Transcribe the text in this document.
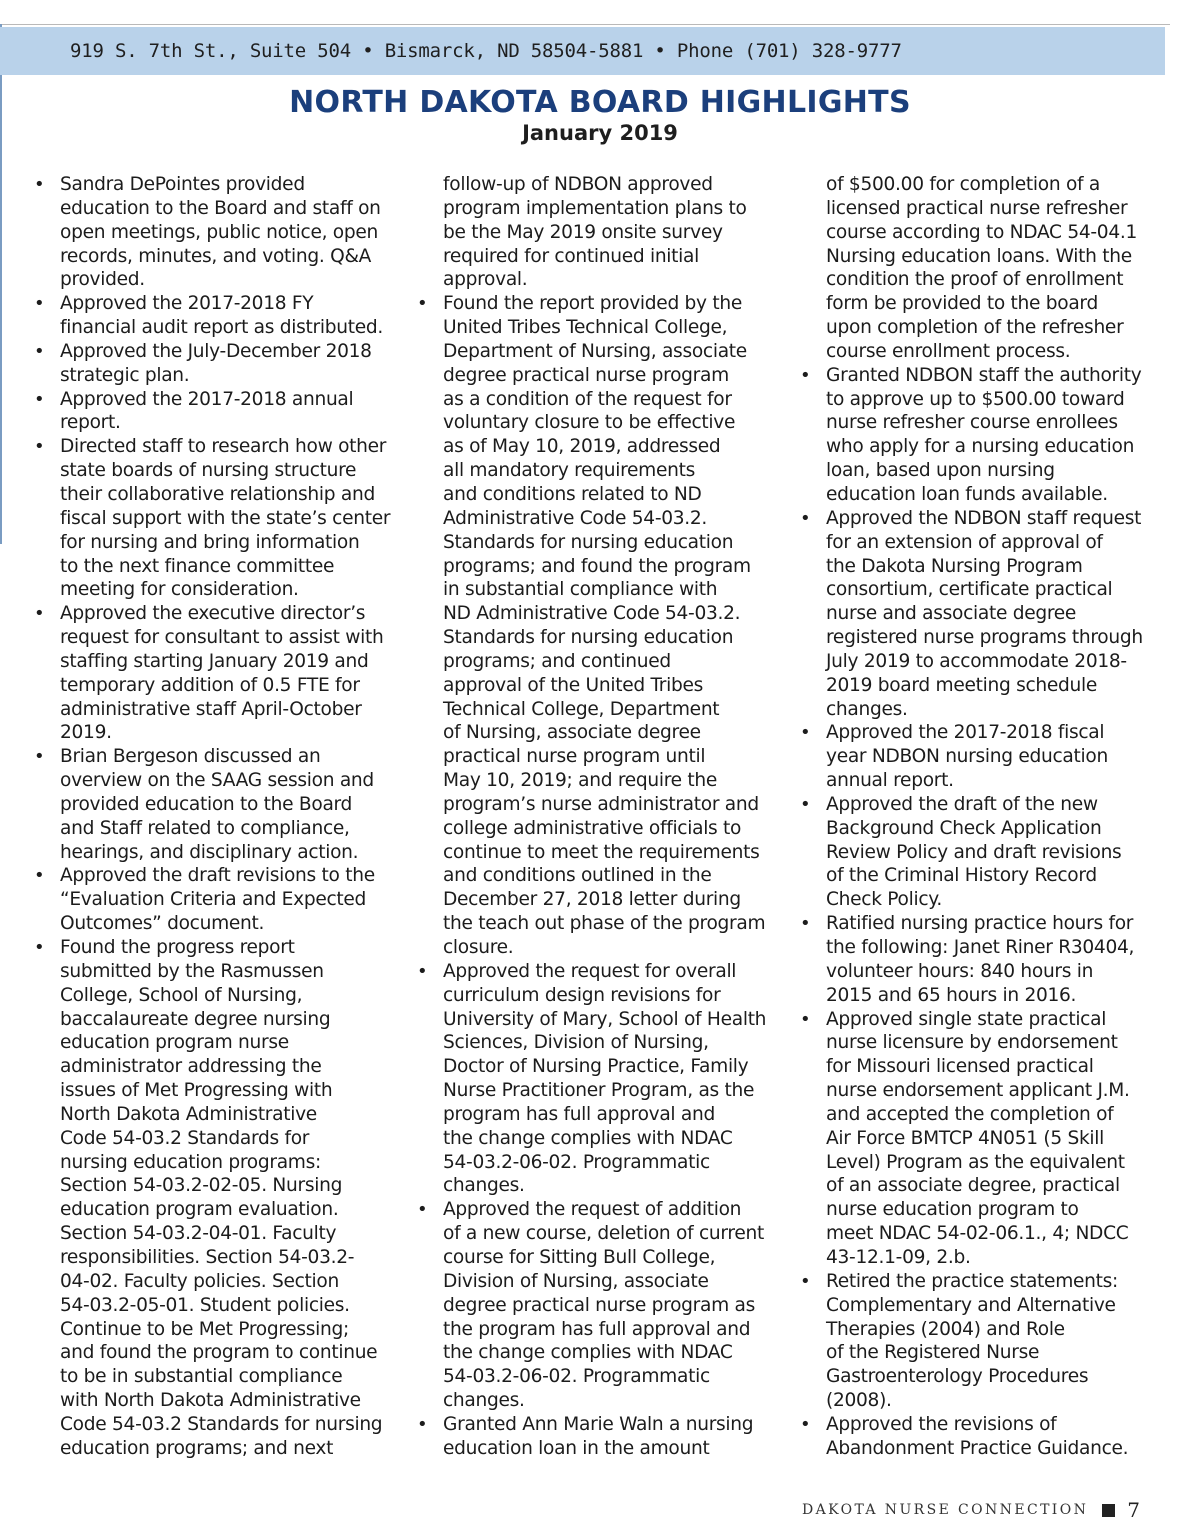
919 S. 7th St., Suite 504 • Bismarck, ND 58504-5881 • Phone (701) 328-9777
NORTH DAKOTA BOARD HIGHLIGHTS
January 2019
• Sandra DePointes provided
education to the Board and staff on
open meetings, public notice, open
records, minutes, and voting. Q&A
provided.
• Approved the 2017-2018 FY
financial audit report as distributed.
• Approved the July-December 2018
strategic plan.
• Approved the 2017-2018 annual
report.
• Directed staff to research how other
state boards of nursing structure
their collaborative relationship and
fiscal support with the state’s center
for nursing and bring information
to the next finance committee
meeting for consideration.
• Approved the executive director’s
request for consultant to assist with
staffing starting January 2019 and
temporary addition of 0.5 FTE for
administrative staff April-October
2019.
• Brian Bergeson discussed an
overview on the SAAG session and
provided education to the Board
and Staff related to compliance,
hearings, and disciplinary action.
• Approved the draft revisions to the
“Evaluation Criteria and Expected
Outcomes” document.
• Found the progress report
submitted by the Rasmussen
College, School of Nursing,
baccalaureate degree nursing
education program nurse
administrator addressing the
issues of Met Progressing with
North Dakota Administrative
Code 54-03.2 Standards for
nursing education programs:
Section 54-03.2-02-05. Nursing
education program evaluation.
Section 54-03.2-04-01. Faculty
responsibilities. Section 54-03.2-
04-02. Faculty policies. Section
54-03.2-05-01. Student policies.
Continue to be Met Progressing;
and found the program to continue
to be in substantial compliance
with North Dakota Administrative
Code 54-03.2 Standards for nursing
education programs; and next
follow-up of NDBON approved
program implementation plans to
be the May 2019 onsite survey
required for continued initial
approval.
• Found the report provided by the
United Tribes Technical College,
Department of Nursing, associate
degree practical nurse program
as a condition of the request for
voluntary closure to be effective
as of May 10, 2019, addressed
all mandatory requirements
and conditions related to ND
Administrative Code 54-03.2.
Standards for nursing education
programs; and found the program
in substantial compliance with
ND Administrative Code 54-03.2.
Standards for nursing education
programs; and continued
approval of the United Tribes
Technical College, Department
of Nursing, associate degree
practical nurse program until
May 10, 2019; and require the
program’s nurse administrator and
college administrative officials to
continue to meet the requirements
and conditions outlined in the
December 27, 2018 letter during
the teach out phase of the program
closure.
• Approved the request for overall
curriculum design revisions for
University of Mary, School of Health
Sciences, Division of Nursing,
Doctor of Nursing Practice, Family
Nurse Practitioner Program, as the
program has full approval and
the change complies with NDAC
54-03.2-06-02. Programmatic
changes.
• Approved the request of addition
of a new course, deletion of current
course for Sitting Bull College,
Division of Nursing, associate
degree practical nurse program as
the program has full approval and
the change complies with NDAC
54-03.2-06-02. Programmatic
changes.
• Granted Ann Marie Waln a nursing
education loan in the amount
of $500.00 for completion of a
licensed practical nurse refresher
course according to NDAC 54-04.1
Nursing education loans. With the
condition the proof of enrollment
form be provided to the board
upon completion of the refresher
course enrollment process.
• Granted NDBON staff the authority
to approve up to $500.00 toward
nurse refresher course enrollees
who apply for a nursing education
loan, based upon nursing
education loan funds available.
• Approved the NDBON staff request
for an extension of approval of
the Dakota Nursing Program
consortium, certificate practical
nurse and associate degree
registered nurse programs through
July 2019 to accommodate 2018-
2019 board meeting schedule
changes.
• Approved the 2017-2018 fiscal
year NDBON nursing education
annual report.
• Approved the draft of the new
Background Check Application
Review Policy and draft revisions
of the Criminal History Record
Check Policy.
• Ratified nursing practice hours for
the following: Janet Riner R30404,
volunteer hours: 840 hours in
2015 and 65 hours in 2016.
• Approved single state practical
nurse licensure by endorsement
for Missouri licensed practical
nurse endorsement applicant J.M.
and accepted the completion of
Air Force BMTCP 4N051 (5 Skill
Level) Program as the equivalent
of an associate degree, practical
nurse education program to
meet NDAC 54-02-06.1., 4; NDCC
43-12.1-09, 2.b.
• Retired the practice statements:
Complementary and Alternative
Therapies (2004) and Role
of the Registered Nurse
Gastroenterology Procedures
(2008).
• Approved the revisions of
Abandonment Practice Guidance.
DAKOTA NURSE CONNECTION 7
